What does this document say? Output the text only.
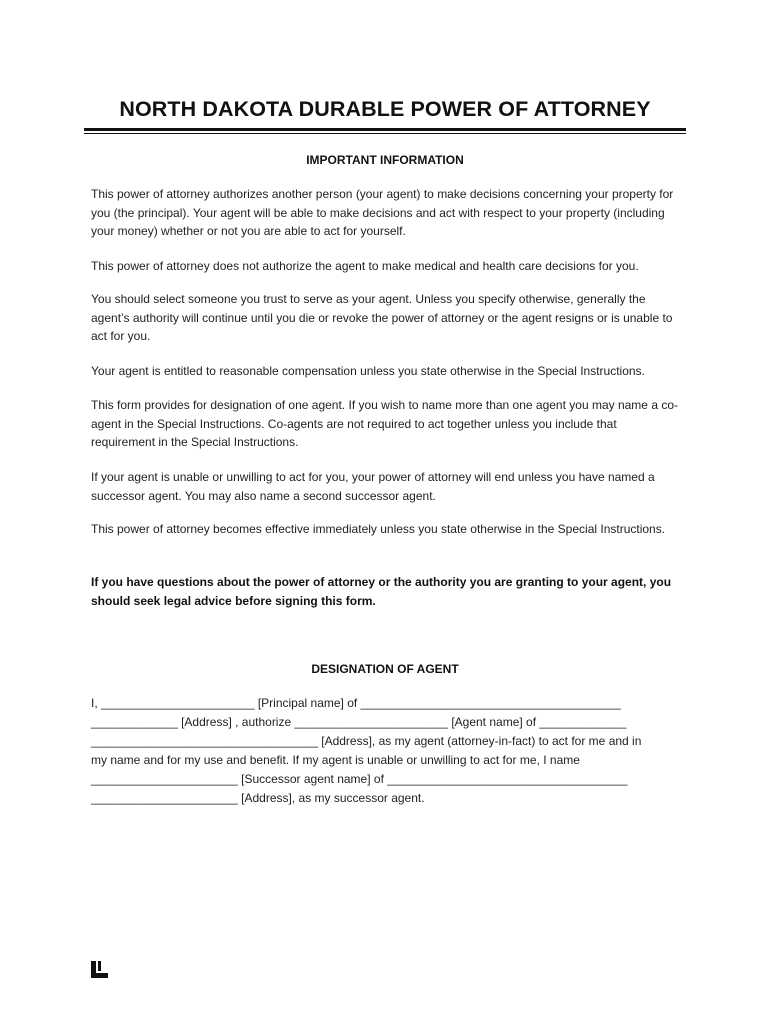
NORTH DAKOTA DURABLE POWER OF ATTORNEY
IMPORTANT INFORMATION

This power of attorney authorizes another person (your agent) to make decisions concerning your property for you (the principal). Your agent will be able to make decisions and act with respect to your property (including your money) whether or not you are able to act for yourself.

This power of attorney does not authorize the agent to make medical and health care decisions for you.

You should select someone you trust to serve as your agent. Unless you specify otherwise, generally the agent’s authority will continue until you die or revoke the power of attorney or the agent resigns or is unable to act for you.

Your agent is entitled to reasonable compensation unless you state otherwise in the Special Instructions.

This form provides for designation of one agent. If you wish to name more than one agent you may name a co-agent in the Special Instructions. Co-agents are not required to act together unless you include that requirement in the Special Instructions.

If your agent is unable or unwilling to act for you, your power of attorney will end unless you have named a successor agent. You may also name a second successor agent.

This power of attorney becomes effective immediately unless you state otherwise in the Special Instructions.

If you have questions about the power of attorney or the authority you are granting to your agent, you should seek legal advice before signing this form.

DESIGNATION OF AGENT

I, _______________________ [Principal name] of _______________________________________

_____________ [Address] , authorize _______________________ [Agent name] of _____________

__________________________________ [Address], as my agent (attorney-in-fact) to act for me and in

my name and for my use and benefit. If my agent is unable or unwilling to act for me, I name

______________________ [Successor agent name] of ____________________________________

______________________ [Address], as my successor agent.
